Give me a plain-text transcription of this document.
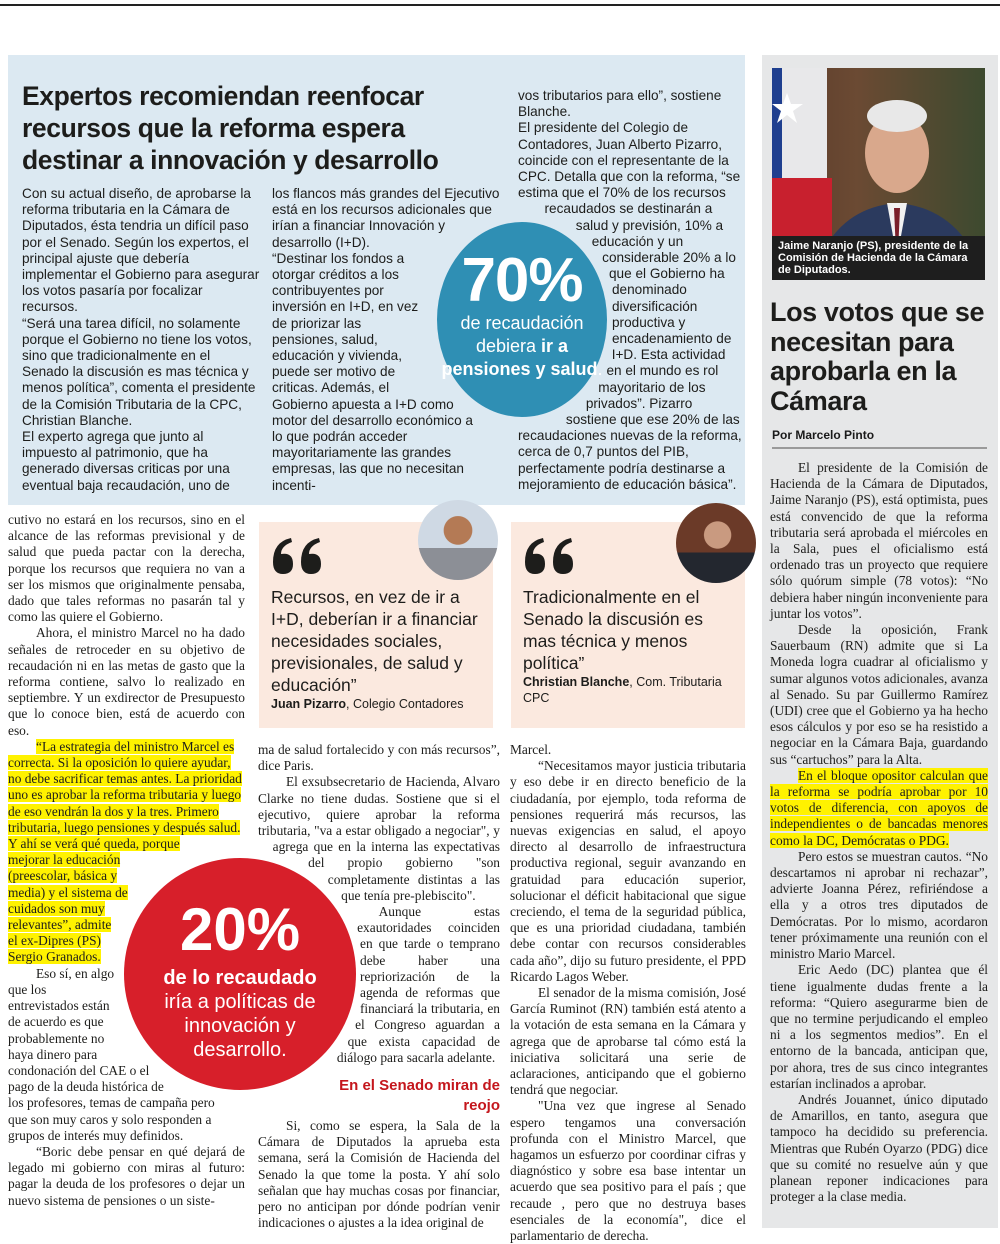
Expertos recomiendan reenfocar recursos que la reforma espera destinar a innovación y desarrollo

Con su actual diseño, de aprobarse la reforma tributaria en la Cámara de Diputados, ésta tendria un difícil paso por el Senado. Según los expertos, el principal ajuste que debería implementar el Gobierno para asegurar los votos pasaría por focalizar recursos.

“Será una tarea difícil, no solamente porque el Gobierno no tiene los votos, sino que tradicionalmente en el Senado la discusión es mas técnica y menos política”, comenta el presidente de la Comisión Tributaria de la CPC, Christian Blanche.

El experto agrega que junto al impuesto al patrimonio, que ha generado diversas criticas por una eventual baja recaudación, uno de

los flancos más grandes del Ejecutivo está en los recursos adicionales que irían a financiar Innovación y desarrollo (I+D).

“Destinar los fondos a otorgar créditos a los contribuyentes por inversión en I+D, en vez de priorizar las pensiones, salud, educación y vivienda, puede ser motivo de criticas. Además, el Gobierno apuesta a I+D como motor del desarrollo económico a lo que podrán acceder mayoritariamente las grandes empresas, las que no necesitan incenti-

vos tributarios para ello”, sostiene Blanche.

El presidente del Colegio de Contadores, Juan Alberto Pizarro, coincide con el representante de la CPC. Detalla que con la reforma, “se estima que el 70% de los recursos recaudados se destinarán a salud y previsión, 10% a educación y un considerable 20% a lo que el Gobierno ha denominado diversificación productiva y encadenamiento de I+D. Esta actividad en el mundo es rol mayoritario de los privados”. Pizarro sostiene que ese 20% de las recaudaciones nuevas de la reforma, cerca de 0,7 puntos del PIB, perfectamente podría destinarse a mejoramiento de educación básica”.

70%
de recaudación debiera ir a pensiones y salud.
Jaime Naranjo (PS), presidente de la Comisión de Hacienda de la Cámara de Diputados.
Los votos que se necesitan para aprobarla en la Cámara
Por Marcelo Pinto

El presidente de la Comisión de Hacienda de la Cámara de Diputados, Jaime Naranjo (PS), está optimista, pues está convencido de que la reforma tributaria será aprobada el miércoles en la Sala, pues el oficialismo está ordenado tras un proyecto que requiere sólo quórum simple (78 votos): “No debiera haber ningún inconveniente para juntar los votos”.

Desde la oposición, Frank Sauerbaum (RN) admite que si La Moneda logra cuadrar al oficialismo y sumar algunos votos adicionales, avanza al Senado. Su par Guillermo Ramírez (UDI) cree que el Gobierno ya ha hecho esos cálculos y por eso se ha resistido a negociar en la Cámara Baja, guardando sus “cartuchos” para la Alta.

En el bloque opositor calculan que la reforma se podría aprobar por 10 votos de diferencia, con apoyos de independientes o de bancadas menores como la DC, Demócratas o PDG.

Pero estos se muestran cautos. “No descartamos ni aprobar ni rechazar”, advierte Joanna Pérez, refiriéndose a ella y a otros tres diputados de Demócratas. Por lo mismo, acordaron tener próximamente una reunión con el ministro Mario Marcel.

Eric Aedo (DC) plantea que él tiene igualmente dudas frente a la reforma: “Quiero asegurarme bien de que no termine perjudicando el empleo ni a los segmentos medios”. En el entorno de la bancada, anticipan que, por ahora, tres de sus cinco integrantes estarían inclinados a aprobar.

Andrés Jouannet, único diputado de Amarillos, en tanto, asegura que tampoco ha decidido su preferencia. Mientras que Rubén Oyarzo (PDG) dice que su comité no resuelve aún y que planean reponer indicaciones para proteger a la clase media.

Recursos, en vez de ir a I+D, deberían ir a financiar necesidades sociales, previsionales, de salud y educación”
Juan Pizarro, Colegio Contadores
Tradicionalmente en el Senado la discusión es mas técnica y menos política”
Christian Blanche, Com. Tributaria CPC

cutivo no estará en los recursos, sino en el alcance de las reformas previsional y de salud que pueda pactar con la derecha, porque los recursos que requiera no van a ser los mismos que originalmente pensaba, dado que tales reformas no pasarán tal y como las quiere el Gobierno.

Ahora, el ministro Marcel no ha dado señales de retroceder en su objetivo de recaudación ni en las metas de gasto que la reforma contiene, salvo lo realizado en septiembre. Y un exdirector de Presupuesto que lo conoce bien, está de acuerdo con eso.

“La estrategia del ministro Marcel es correcta. Si la oposición lo quiere ayudar, no debe sacrificar temas antes. La prioridad uno es aprobar la reforma tributaria y luego de eso vendrán la dos y la tres. Primero tributaria, luego pensiones y después salud. Y ahí se verá qué queda, porque mejorar la educación (preescolar, básica y media) y el sistema de cuidados son muy relevantes”, admite el ex-Dipres (PS) Sergio Granados.

Eso sí, en algo que los entrevistados están de acuerdo es que probablemente no haya dinero para condonación del CAE o el pago de la deuda histórica de los profesores, temas de campaña pero que son muy caros y solo responden a grupos de interés muy definidos.

“Boric debe pensar en qué dejará de legado mi gobierno con miras al futuro: pagar la deuda de los profesores o dejar un nuevo sistema de pensiones o un siste-

ma de salud fortalecido y con más recursos”, dice Paris.

El exsubsecretario de Hacienda, Alvaro Clarke no tiene dudas. Sostiene que si el ejecutivo, quiere aprobar la reforma tributaria, "va a estar obligado a negociar", y agrega que en la interna las expectativas del propio gobierno "son completamente distintas a las que tenía pre-plebiscito".

Aunque estas exautoridades coinciden en que tarde o temprano debe haber una repriorización de la agenda de reformas que financiará la tributaria, en el Congreso aguardan a que exista capacidad de diálogo para sacarla adelante.

En el Senado miran de reojo

Si, como se espera, la Sala de la Cámara de Diputados la aprueba esta semana, será la Comisión de Hacienda del Senado la que tome la posta. Y ahí solo señalan que hay muchas cosas por financiar, pero no anticipan por dónde podrían venir indicaciones o ajustes a la idea original de

Marcel.

“Necesitamos mayor justicia tributaria y eso debe ir en directo beneficio de la ciudadanía, por ejemplo, toda reforma de pensiones requerirá más recursos, las nuevas exigencias en salud, el apoyo directo al desarrollo de infraestructura productiva regional, seguir avanzando en gratuidad para educación superior, solucionar el déficit habitacional que sigue creciendo, el tema de la seguridad pública, que es una prioridad ciudadana, también debe contar con recursos considerables cada año”, dijo su futuro presidente, el PPD Ricardo Lagos Weber.

El senador de la misma comisión, José García Ruminot (RN) también está atento a la votación de esta semana en la Cámara y agrega que de aprobarse tal cómo está la iniciativa solicitará una serie de aclaraciones, anticipando que el gobierno tendrá que negociar.

"Una vez que ingrese al Senado espero tengamos una conversación profunda con el Ministro Marcel, que hagamos un esfuerzo por coordinar cifras y diagnóstico y sobre esa base intentar un acuerdo que sea positivo para el país ; que recaude , pero que no destruya bases esenciales de la economía", dice el parlamentario de derecha.

20%
de lo recaudado
iría a políticas de innovación y desarrollo.
